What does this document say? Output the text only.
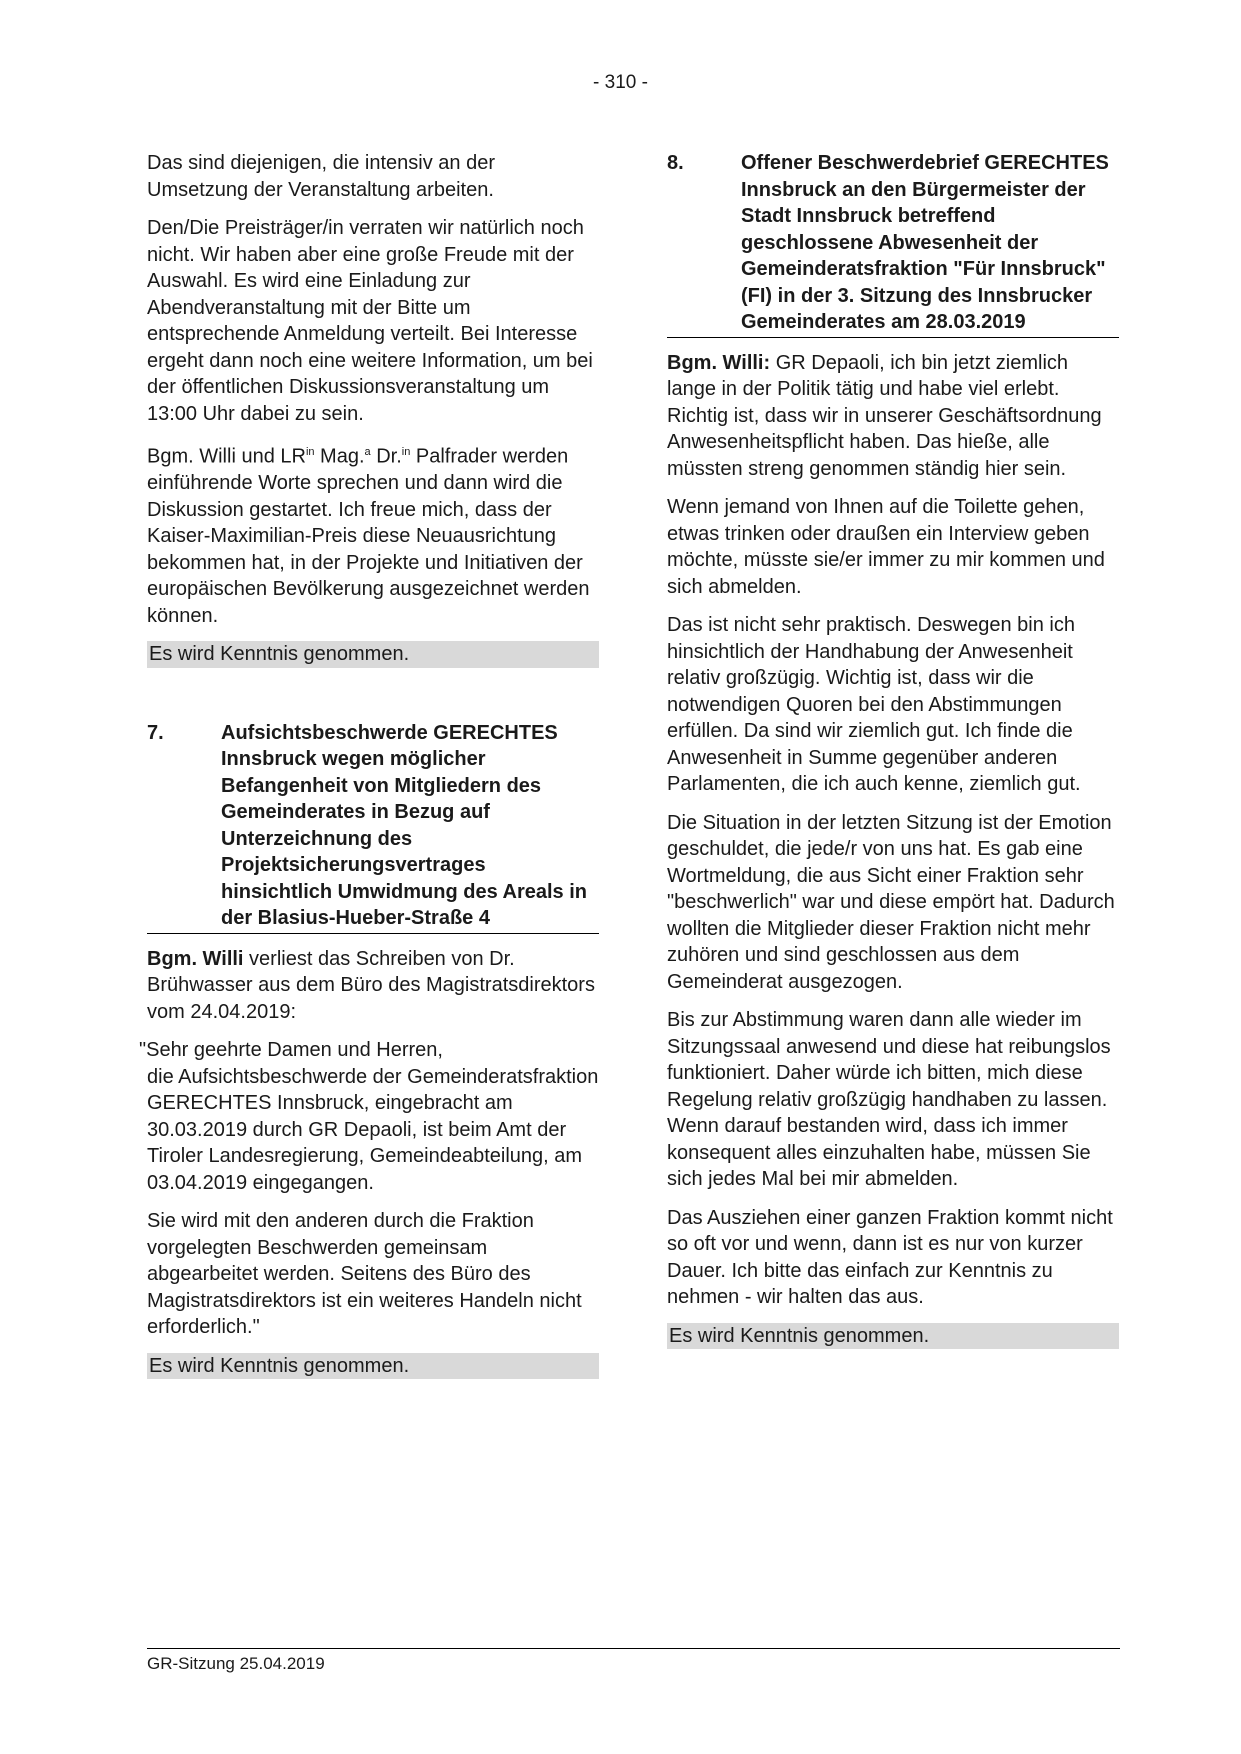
- 310 -

Das sind diejenigen, die intensiv an der Umsetzung der Veranstaltung arbeiten.

Den/Die Preisträger/in verraten wir natürlich noch nicht. Wir haben aber eine große Freude mit der Auswahl. Es wird eine Einladung zur Abendveranstaltung mit der Bitte um entsprechende Anmeldung verteilt. Bei Interesse ergeht dann noch eine weitere Information, um bei der öffentlichen Diskussionsveranstaltung um 13:00 Uhr dabei zu sein.

Bgm. Willi und $LR^{in}$ Mag.$^a$ Dr.$^{in}$ Palfrader werden einführende Worte sprechen und dann wird die Diskussion gestartet. Ich freue mich, dass der Kaiser-Maximilian-Preis diese Neuausrichtung bekommen hat, in der Projekte und Initiativen der europäischen Bevölkerung ausgezeichnet werden können.

Es wird Kenntnis genommen.
7.	Aufsichtsbeschwerde GERECHTES Innsbruck wegen möglicher Befangenheit von Mitgliedern des Gemeinderates in Bezug auf Unterzeichnung des Projektsicherungsvertrages hinsichtlich Umwidmung des Areals in der Blasius-Hueber-Straße 4

Bgm. Willi verliest das Schreiben von Dr. Brühwasser aus dem Büro des Magistratsdirektors vom 24.04.2019:

"Sehr geehrte Damen und Herren,

die Aufsichtsbeschwerde der Gemeinderatsfraktion GERECHTES Innsbruck, eingebracht am 30.03.2019 durch GR Depaoli, ist beim Amt der Tiroler Landesregierung, Gemeindeabteilung, am 03.04.2019 eingegangen.

Sie wird mit den anderen durch die Fraktion vorgelegten Beschwerden gemeinsam abgearbeitet werden. Seitens des Büro des Magistratsdirektors ist ein weiteres Handeln nicht erforderlich."

Es wird Kenntnis genommen.
8.	Offener Beschwerdebrief GERECHTES Innsbruck an den Bürgermeister der Stadt Innsbruck betreffend geschlossene Abwesenheit der Gemeinderatsfraktion "Für Innsbruck" (FI) in der 3. Sitzung des Innsbrucker Gemeinderates am 28.03.2019

Bgm. Willi: GR Depaoli, ich bin jetzt ziemlich lange in der Politik tätig und habe viel erlebt. Richtig ist, dass wir in unserer Geschäftsordnung Anwesenheitspflicht haben. Das hieße, alle müssten streng genommen ständig hier sein.

Wenn jemand von Ihnen auf die Toilette gehen, etwas trinken oder draußen ein Interview geben möchte, müsste sie/er immer zu mir kommen und sich abmelden.

Das ist nicht sehr praktisch. Deswegen bin ich hinsichtlich der Handhabung der Anwesenheit relativ großzügig. Wichtig ist, dass wir die notwendigen Quoren bei den Abstimmungen erfüllen. Da sind wir ziemlich gut. Ich finde die Anwesenheit in Summe gegenüber anderen Parlamenten, die ich auch kenne, ziemlich gut.

Die Situation in der letzten Sitzung ist der Emotion geschuldet, die jede/r von uns hat. Es gab eine Wortmeldung, die aus Sicht einer Fraktion sehr "beschwerlich" war und diese empört hat. Dadurch wollten die Mitglieder dieser Fraktion nicht mehr zuhören und sind geschlossen aus dem Gemeinderat ausgezogen.

Bis zur Abstimmung waren dann alle wieder im Sitzungssaal anwesend und diese hat reibungslos funktioniert. Daher würde ich bitten, mich diese Regelung relativ großzügig handhaben zu lassen. Wenn darauf bestanden wird, dass ich immer konsequent alles einzuhalten habe, müssen Sie sich jedes Mal bei mir abmelden.

Das Ausziehen einer ganzen Fraktion kommt nicht so oft vor und wenn, dann ist es nur von kurzer Dauer. Ich bitte das einfach zur Kenntnis zu nehmen - wir halten das aus.

Es wird Kenntnis genommen.
GR-Sitzung 25.04.2019
